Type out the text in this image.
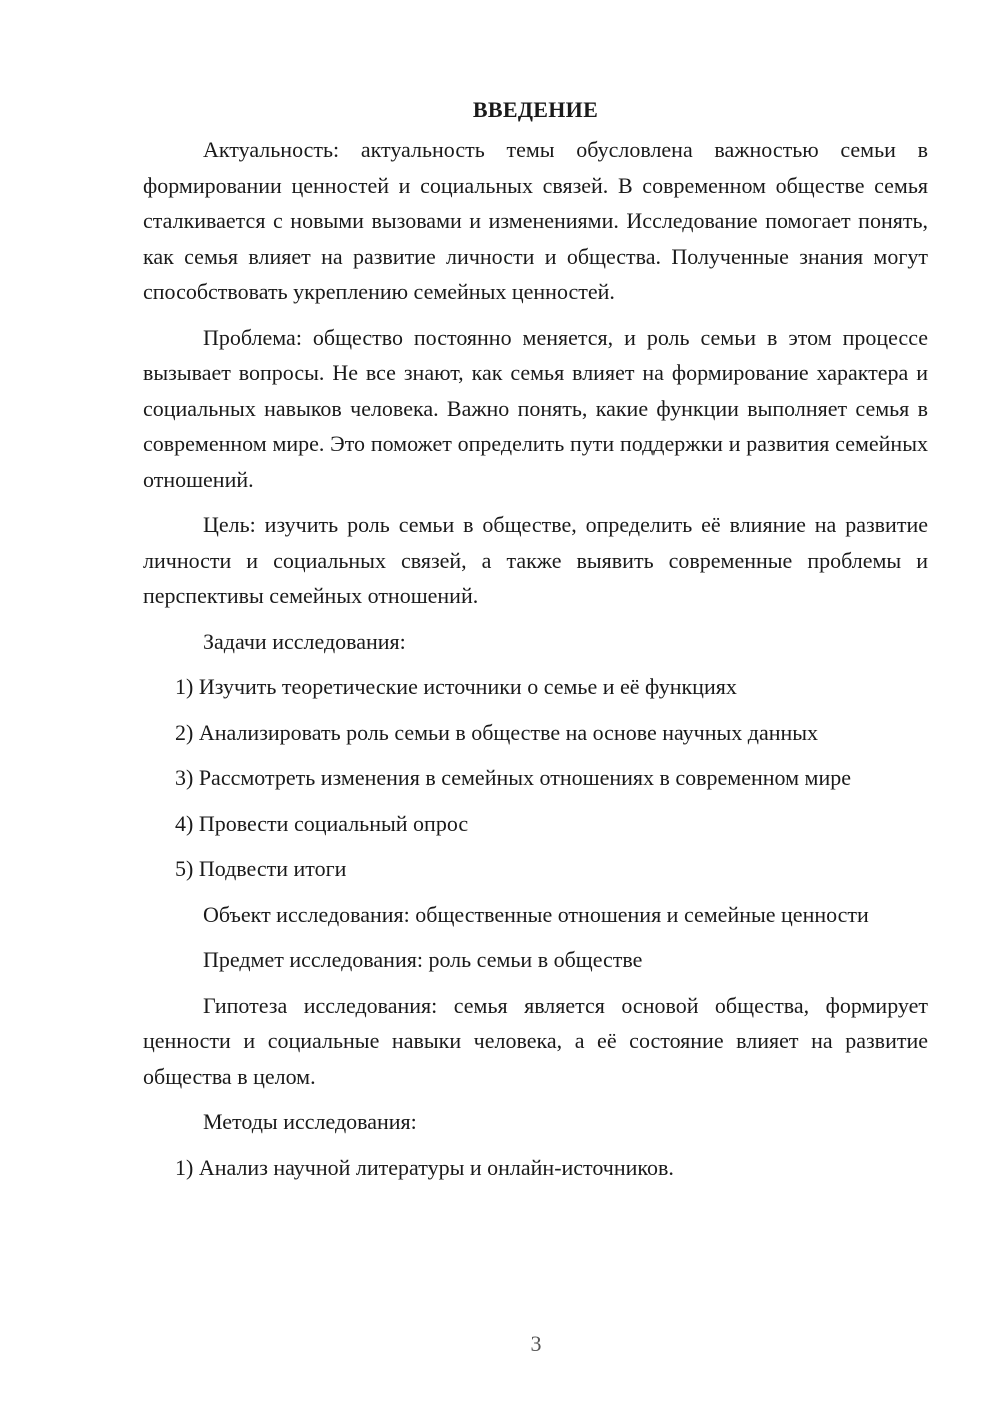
ВВЕДЕНИЕ

Актуальность: актуальность темы обусловлена важностью семьи в формировании ценностей и социальных связей. В современном обществе семья сталкивается с новыми вызовами и изменениями. Исследование помогает понять, как семья влияет на развитие личности и общества. Полученные знания могут способствовать укреплению семейных ценностей.

Проблема: общество постоянно меняется, и роль семьи в этом процессе вызывает вопросы. Не все знают, как семья влияет на формирование характера и социальных навыков человека. Важно понять, какие функции выполняет семья в современном мире. Это поможет определить пути поддержки и развития семейных отношений.

Цель: изучить роль семьи в обществе, определить её влияние на развитие личности и социальных связей, а также выявить современные проблемы и перспективы семейных отношений.

Задачи исследования:

1) Изучить теоретические источники о семье и её функциях

2) Анализировать роль семьи в обществе на основе научных данных

3) Рассмотреть изменения в семейных отношениях в современном мире

4) Провести социальный опрос

5) Подвести итоги

Объект исследования: общественные отношения и семейные ценности

Предмет исследования: роль семьи в обществе

Гипотеза исследования: семья является основой общества, формирует ценности и социальные навыки человека, а её состояние влияет на развитие общества в целом.

Методы исследования:

1) Анализ научной литературы и онлайн-источников.

3
